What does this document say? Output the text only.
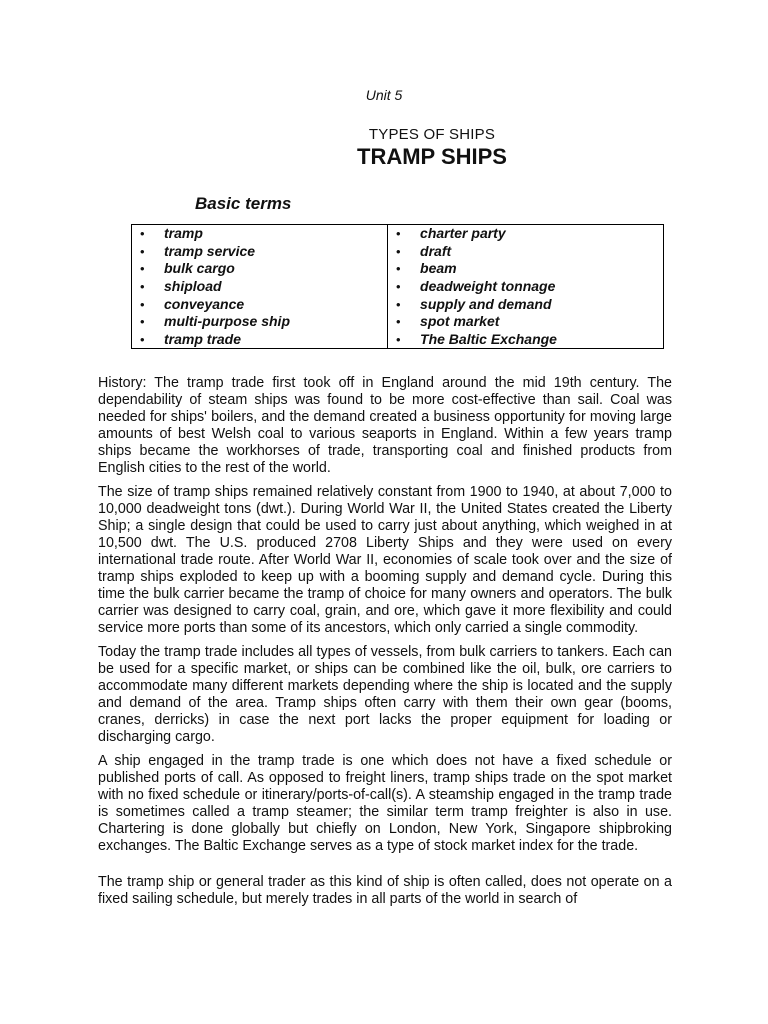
Unit 5
TYPES OF SHIPS
TRAMP SHIPS
Basic terms
• tramp
• tramp service
• bulk cargo
• shipload
• conveyance
• multi-purpose ship
• tramp trade
• charter party
• draft
• beam
• deadweight tonnage
• supply and demand
• spot market
• The Baltic Exchange

History: The tramp trade first took off in England around the mid 19th century. The dependability of steam ships was found to be more cost-effective than sail. Coal was needed for ships' boilers, and the demand created a business opportunity for moving large amounts of best Welsh coal to various seaports in England. Within a few years tramp ships became the workhorses of trade, transporting coal and finished products from English cities to the rest of the world.

The size of tramp ships remained relatively constant from 1900 to 1940, at about 7,000 to 10,000 deadweight tons (dwt.). During World War II, the United States created the Liberty Ship; a single design that could be used to carry just about anything, which weighed in at 10,500 dwt. The U.S. produced 2708 Liberty Ships and they were used on every international trade route. After World War II, economies of scale took over and the size of tramp ships exploded to keep up with a booming supply and demand cycle. During this time the bulk carrier became the tramp of choice for many owners and operators. The bulk carrier was designed to carry coal, grain, and ore, which gave it more flexibility and could service more ports than some of its ancestors, which only carried a single commodity.

Today the tramp trade includes all types of vessels, from bulk carriers to tankers. Each can be used for a specific market, or ships can be combined like the oil, bulk, ore carriers to accommodate many different markets depending where the ship is located and the supply and demand of the area. Tramp ships often carry with them their own gear (booms, cranes, derricks) in case the next port lacks the proper equipment for loading or discharging cargo.

A ship engaged in the tramp trade is one which does not have a fixed schedule or published ports of call. As opposed to freight liners, tramp ships trade on the spot market with no fixed schedule or itinerary/ports-of-call(s). A steamship engaged in the tramp trade is sometimes called a tramp steamer; the similar term tramp freighter is also in use. Chartering is done globally but chiefly on London, New York, Singapore shipbroking exchanges. The Baltic Exchange serves as a type of stock market index for the trade.

The tramp ship or general trader as this kind of ship is often called, does not operate on a fixed sailing schedule, but merely trades in all parts of the world in search of
